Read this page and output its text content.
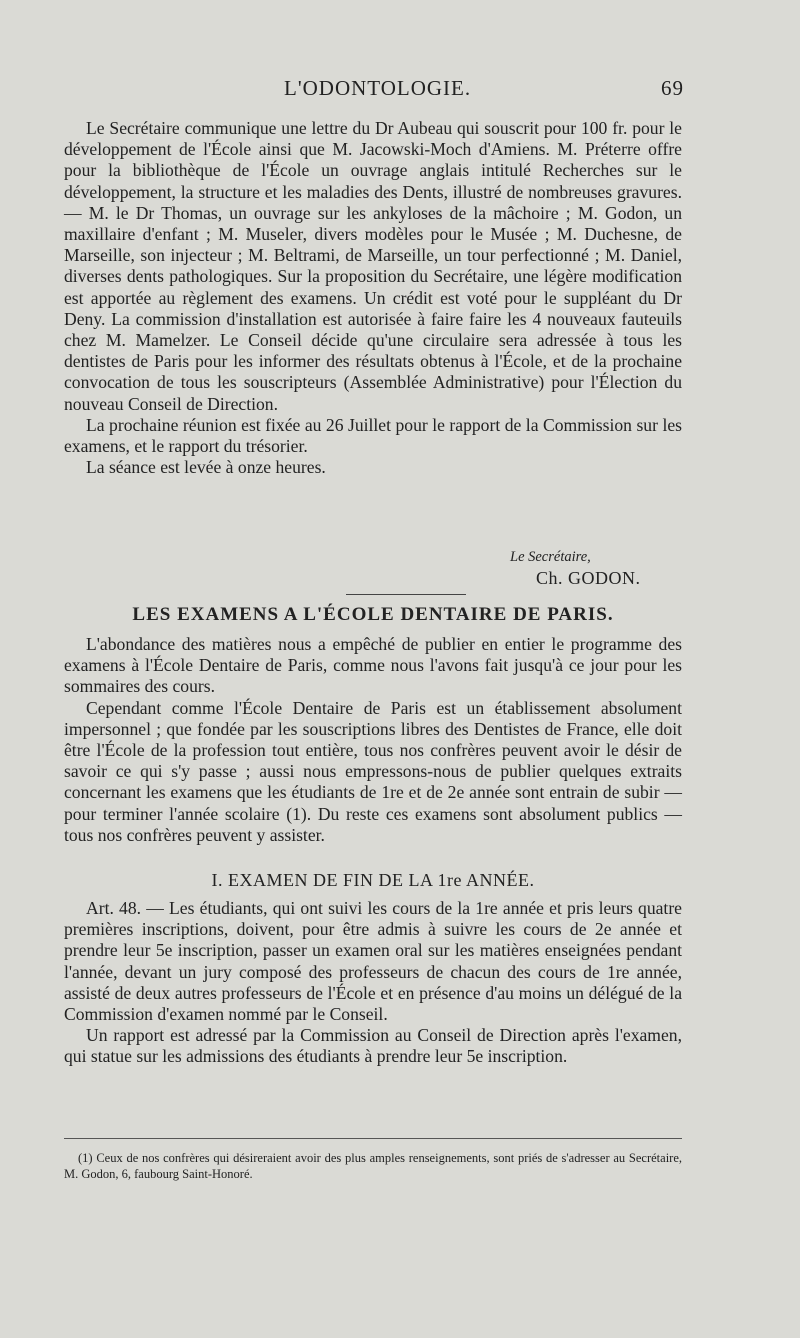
L'ODONTOLOGIE.	69

Le Secrétaire communique une lettre du Dr Aubeau qui souscrit pour 100 fr. pour le développement de l'École ainsi que M. Jacowski-Moch d'Amiens. M. Préterre offre pour la bibliothèque de l'École un ouvrage anglais intitulé Recherches sur le développement, la structure et les maladies des Dents, illustré de nombreuses gravures. — M. le Dr Thomas, un ouvrage sur les ankyloses de la mâchoire ; M. Godon, un maxillaire d'enfant ; M. Museler, divers modèles pour le Musée ; M. Duchesne, de Marseille, son injecteur ; M. Beltrami, de Marseille, un tour perfectionné ; M. Daniel, diverses dents pathologiques. Sur la proposition du Secrétaire, une légère modification est apportée au règlement des examens. Un crédit est voté pour le suppléant du Dr Deny. La commission d'installation est autorisée à faire faire les 4 nouveaux fauteuils chez M. Mamelzer. Le Conseil décide qu'une circulaire sera adressée à tous les dentistes de Paris pour les informer des résultats obtenus à l'École, et de la prochaine convocation de tous les souscripteurs (Assemblée Administrative) pour l'Élection du nouveau Conseil de Direction.

La prochaine réunion est fixée au 26 Juillet pour le rapport de la Commission sur les examens, et le rapport du trésorier.

La séance est levée à onze heures.

Le Secrétaire,
Ch. GODON.
LES EXAMENS A L'ÉCOLE DENTAIRE DE PARIS.

L'abondance des matières nous a empêché de publier en entier le programme des examens à l'École Dentaire de Paris, comme nous l'avons fait jusqu'à ce jour pour les sommaires des cours.

Cependant comme l'École Dentaire de Paris est un établissement absolument impersonnel ; que fondée par les souscriptions libres des Dentistes de France, elle doit être l'École de la profession tout entière, tous nos confrères peuvent avoir le désir de savoir ce qui s'y passe ; aussi nous empressons-nous de publier quelques extraits concernant les examens que les étudiants de 1re et de 2e année sont entrain de subir — pour terminer l'année scolaire (1). Du reste ces examens sont absolument publics — tous nos confrères peuvent y assister.

I. EXAMEN DE FIN DE LA 1re ANNÉE.

Art. 48. — Les étudiants, qui ont suivi les cours de la 1re année et pris leurs quatre premières inscriptions, doivent, pour être admis à suivre les cours de 2e année et prendre leur 5e inscription, passer un examen oral sur les matières enseignées pendant l'année, devant un jury composé des professeurs de chacun des cours de 1re année, assisté de deux autres professeurs de l'École et en présence d'au moins un délégué de la Commission d'examen nommé par le Conseil.

Un rapport est adressé par la Commission au Conseil de Direction après l'examen, qui statue sur les admissions des étudiants à prendre leur 5e inscription.

(1) Ceux de nos confrères qui désireraient avoir des plus amples renseignements, sont priés de s'adresser au Secrétaire, M. Godon, 6, faubourg Saint-Honoré.
